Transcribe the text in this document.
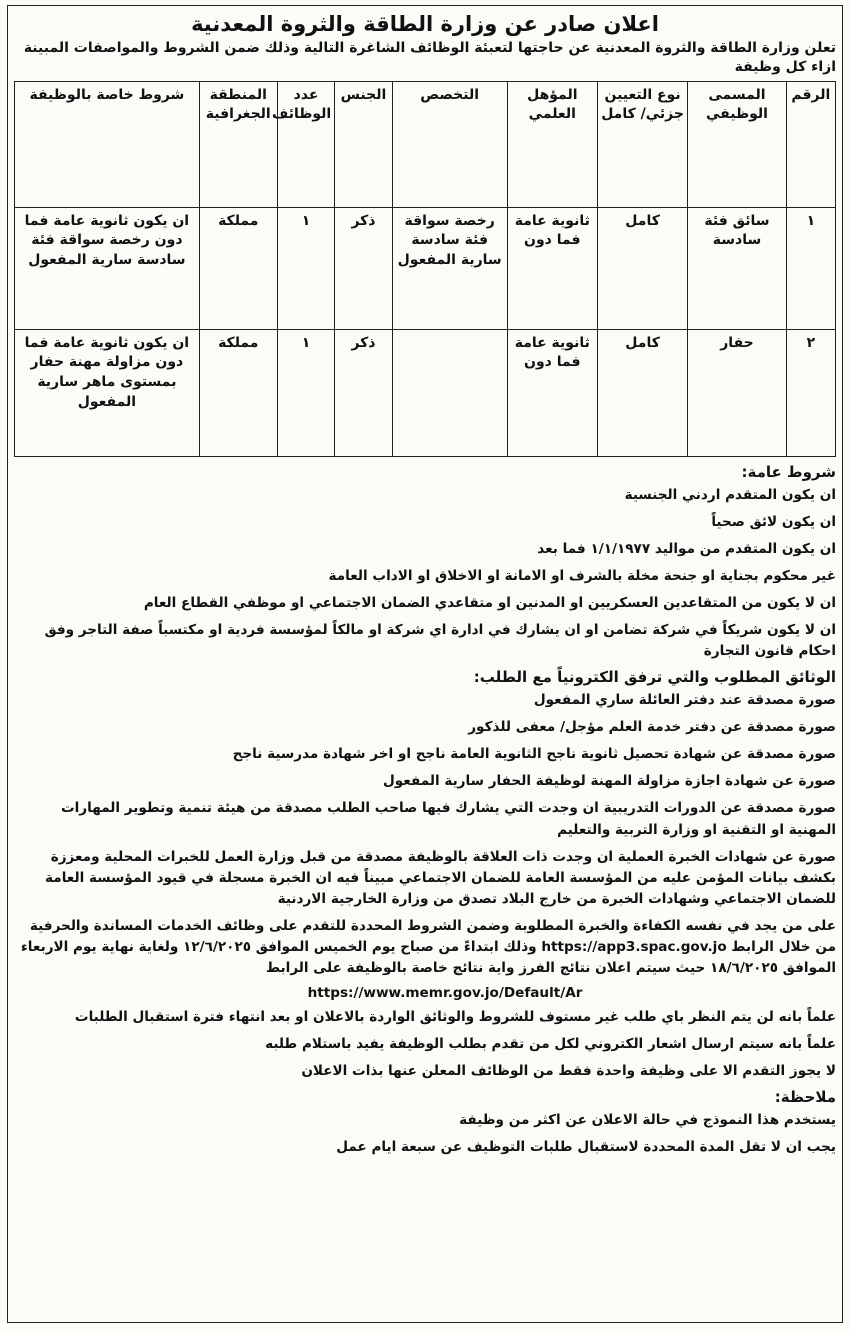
اعلان صادر عن وزارة الطاقة والثروة المعدنية

تعلن وزارة الطاقة والثروة المعدنية عن حاجتها لتعبئة الوظائف الشاغرة التالية وذلك ضمن الشروط والمواصفات المبينة ازاء كل وظيفة

الرقم	المسمى الوظيفي	نوع التعيين جزئي/ كامل	المؤهل العلمي	التخصص	الجنس	عدد الوظائف	المنطقة الجغرافية	شروط خاصة بالوظيفة
١	سائق فئة سادسة	كامل	ثانوية عامة فما دون	رخصة سواقة فئة سادسة سارية المفعول	ذكر	١	مملكة	ان يكون ثانوية عامة فما دون رخصة سواقة فئة سادسة سارية المفعول
٢	حفار	كامل	ثانوية عامة فما دون		ذكر	١	مملكة	ان يكون ثانوية عامة فما دون مزاولة مهنة حفار بمستوى ماهر سارية المفعول
شروط عامة:

ان يكون المتقدم اردني الجنسية

ان يكون لائق صحياً

ان يكون المتقدم من مواليد ١/١/١٩٧٧ فما بعد

غير محكوم بجناية او جنحة مخلة بالشرف او الامانة او الاخلاق او الاداب العامة

ان لا يكون من المتقاعدين العسكريين او المدنين او متقاعدي الضمان الاجتماعي او موظفي القطاع العام

ان لا يكون شريكاً في شركة تضامن او ان يشارك في ادارة اي شركة او مالكاً لمؤسسة فردية او مكتسباً صفة التاجر وفق احكام قانون التجارة

الوثائق المطلوب والتي ترفق الكترونياً مع الطلب:

صورة مصدقة عند دفتر العائلة ساري المفعول

صورة مصدقة عن دفتر خدمة العلم مؤجل/ معفى للذكور

صورة مصدقة عن شهادة تحصيل ثانوية ناجح الثانوية العامة ناجح او اخر شهادة مدرسية ناجح

صورة عن شهادة اجازة مزاولة المهنة لوظيفة الحفار سارية المفعول

صورة مصدقة عن الدورات التدريبية ان وجدت التي يشارك فيها صاحب الطلب مصدقة من هيئة تنمية وتطوير المهارات المهنية او التقنية او وزارة التربية والتعليم

صورة عن شهادات الخبرة العملية ان وجدت ذات العلاقة بالوظيفة مصدقة من قبل وزارة العمل للخبرات المحلية ومعززة بكشف بيانات المؤمن عليه من المؤسسة العامة للضمان الاجتماعي مبيناً فيه ان الخبرة مسجلة في قيود المؤسسة العامة للضمان الاجتماعي وشهادات الخبرة من خارج البلاد تصدق من وزارة الخارجية الاردنية

على من يجد في نفسه الكفاءة والخبرة المطلوبة وضمن الشروط المحددة للتقدم على وظائف الخدمات المساندة والحرفية من خلال الرابط https://app3.spac.gov.jo وذلك ابتداءً من صباح يوم الخميس الموافق ١٢/٦/٢٠٢٥ ولغاية نهاية يوم الاربعاء الموافق ١٨/٦/٢٠٢٥ حيث سيتم اعلان نتائج الفرز واية نتائج خاصة بالوظيفة على الرابط

https://www.memr.gov.jo/Default/Ar

علماً بانه لن يتم النظر باي طلب غير مستوف للشروط والوثائق الواردة بالاعلان او بعد انتهاء فترة استقبال الطلبات

علماً بانه سيتم ارسال اشعار الكتروني لكل من تقدم بطلب الوظيفة يفيد باستلام طلبه

لا يجوز التقدم الا على وظيفة واحدة فقط من الوظائف المعلن عنها بذات الاعلان

ملاحظة:

يستخدم هذا النموذج في حالة الاعلان عن اكثر من وظيفة

يجب ان لا تقل المدة المحددة لاستقبال طلبات التوظيف عن سبعة ايام عمل
